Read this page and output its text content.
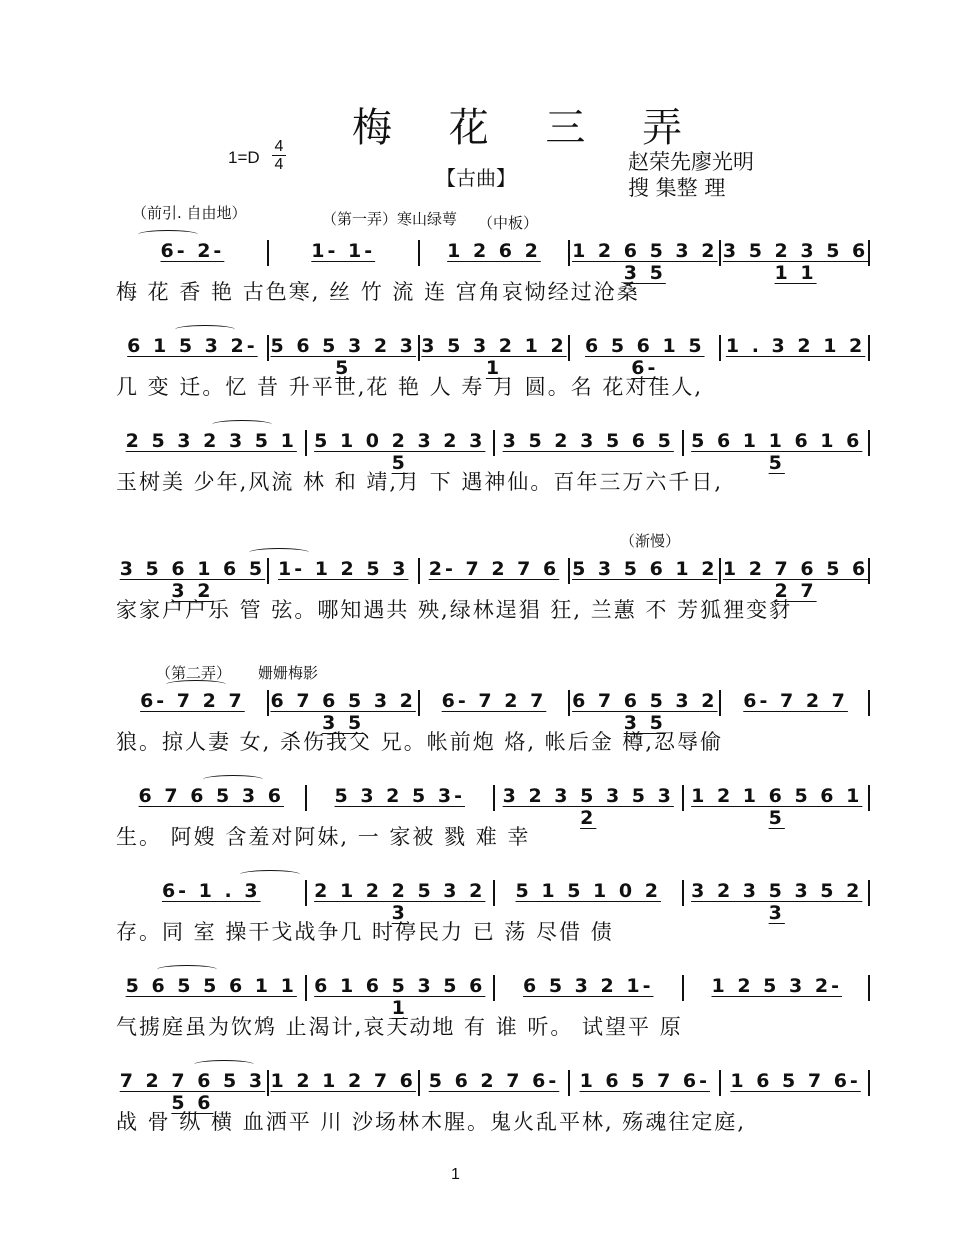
梅 花 三 弄
1=D
4
4
【古曲】
赵荣先廖光明
搜 集整 理
（前引. 自由地）	（第一弄）寒山绿萼 （中板）
（渐慢）
（第二弄） 姗姗梅影
6- 2-	1- 1-	1 2 6 2	1 2 6 5 3 2 3 5
3 5 2 3 5 6 1 1
梅 花 香 艳 古色寒, 丝 竹 流 连 宫角哀恸经过沧桑
6 1 5 3 2- 5 6 5 3 2 3 5
3 5 3 2 1 2 1
6 5 6 1 5 6-
1 . 3 2 1 2
几 变 迁。忆 昔 升平世,花 艳 人 寿 月 圆。名 花对佳人,
2 5 3 2 3 5 1 5 1 0 2 3 2 3 5
3 5 2 3 5 6 5 5 6 1 1 6 1 6 5
玉树美 少年,风流 林 和 靖,月 下 遇神仙。百年三万六千日,
3 5 6 1 6 5 3 2
1- 1 2 5 3	2- 7 2 7 6 5 3 5 6 1 2 1 2 7 6 5 6 2 7
家家户户乐 管 弦。哪知遇共 殃,绿林逞猖 狂, 兰蕙 不 芳狐狸变豺
6- 7 2 7	6 7 6 5 3 2 3 5
6- 7 2 7	6 7 6 5 3 2 3 5
6- 7 2 7
狼。掠人妻 女, 杀伤我父 兄。帐前炮 烙, 帐后金 樽,忍辱偷
6 7 6 5 3 6	5 3 2 5 3-	3 2 3 5 3 5 3 2
1 2 1 6 5 6 1 5
生。 阿嫂 含羞对阿妹, 一 家被 戮 难 幸
6- 1 . 3	2 1 2 2 5 3 2 3
5 1 5 1 0 2	3 2 3 5 3 5 2 3
存。同 室 操干戈战争几 时停民力 已 荡 尽借 债
5 6 5 5 6 1 1 6 1 6 5 3 5 6 1
6 5 3 2 1-	1 2 5 3 2-
气掳庭虽为饮鸩 止渴计,哀天动地 有 谁 听。 试望平 原
7 2 7 6 5 3 5 6
1 2 1 2 7 6 5 6 2 7 6-	1 6 5 7 6-	1 6 5 7 6-
战 骨 纵 横 血洒平 川 沙场林木腥。鬼火乱平林, 殇魂往定庭,
1
